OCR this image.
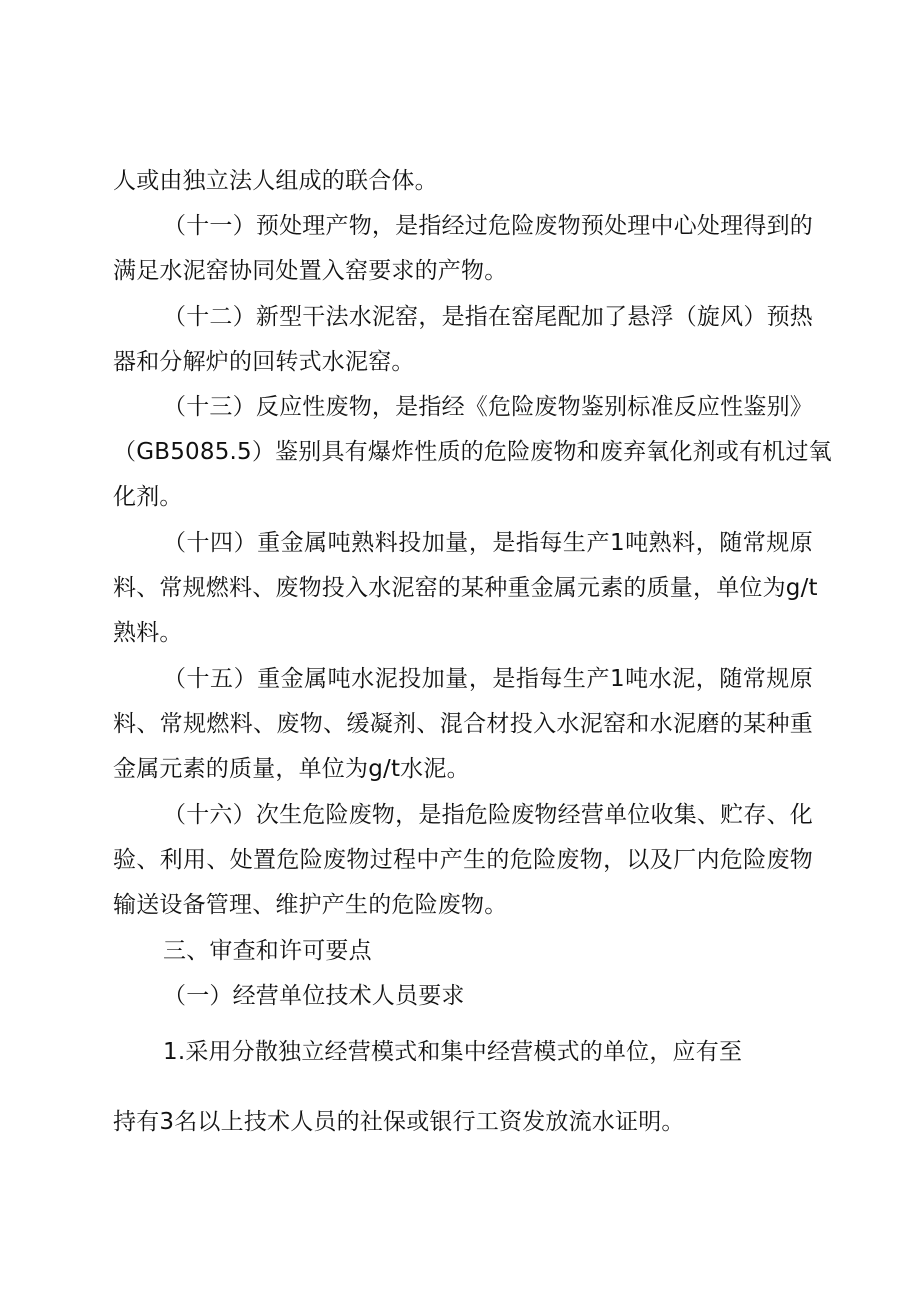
人或由独立法人组成的联合体。
（十一）预处理产物，是指经过危险废物预处理中心处理得到的
满足水泥窑协同处置入窑要求的产物。
（十二）新型干法水泥窑，是指在窑尾配加了悬浮（旋风）预热
器和分解炉的回转式水泥窑。
（十三）反应性废物，是指经《危险废物鉴别标准反应性鉴别》
（GB5085.5）鉴别具有爆炸性质的危险废物和废弃氧化剂或有机过氧
化剂。
（十四）重金属吨熟料投加量，是指每生产1吨熟料，随常规原
料、常规燃料、废物投入水泥窑的某种重金属元素的质量，单位为g/t
熟料。
（十五）重金属吨水泥投加量，是指每生产1吨水泥，随常规原
料、常规燃料、废物、缓凝剂、混合材投入水泥窑和水泥磨的某种重
金属元素的质量，单位为g/t水泥。
（十六）次生危险废物，是指危险废物经营单位收集、贮存、化
验、利用、处置危险废物过程中产生的危险废物，以及厂内危险废物
输送设备管理、维护产生的危险废物。
三、审查和许可要点
（一）经营单位技术人员要求
1.采用分散独立经营模式和集中经营模式的单位，应有至
持有3名以上技术人员的社保或银行工资发放流水证明。
